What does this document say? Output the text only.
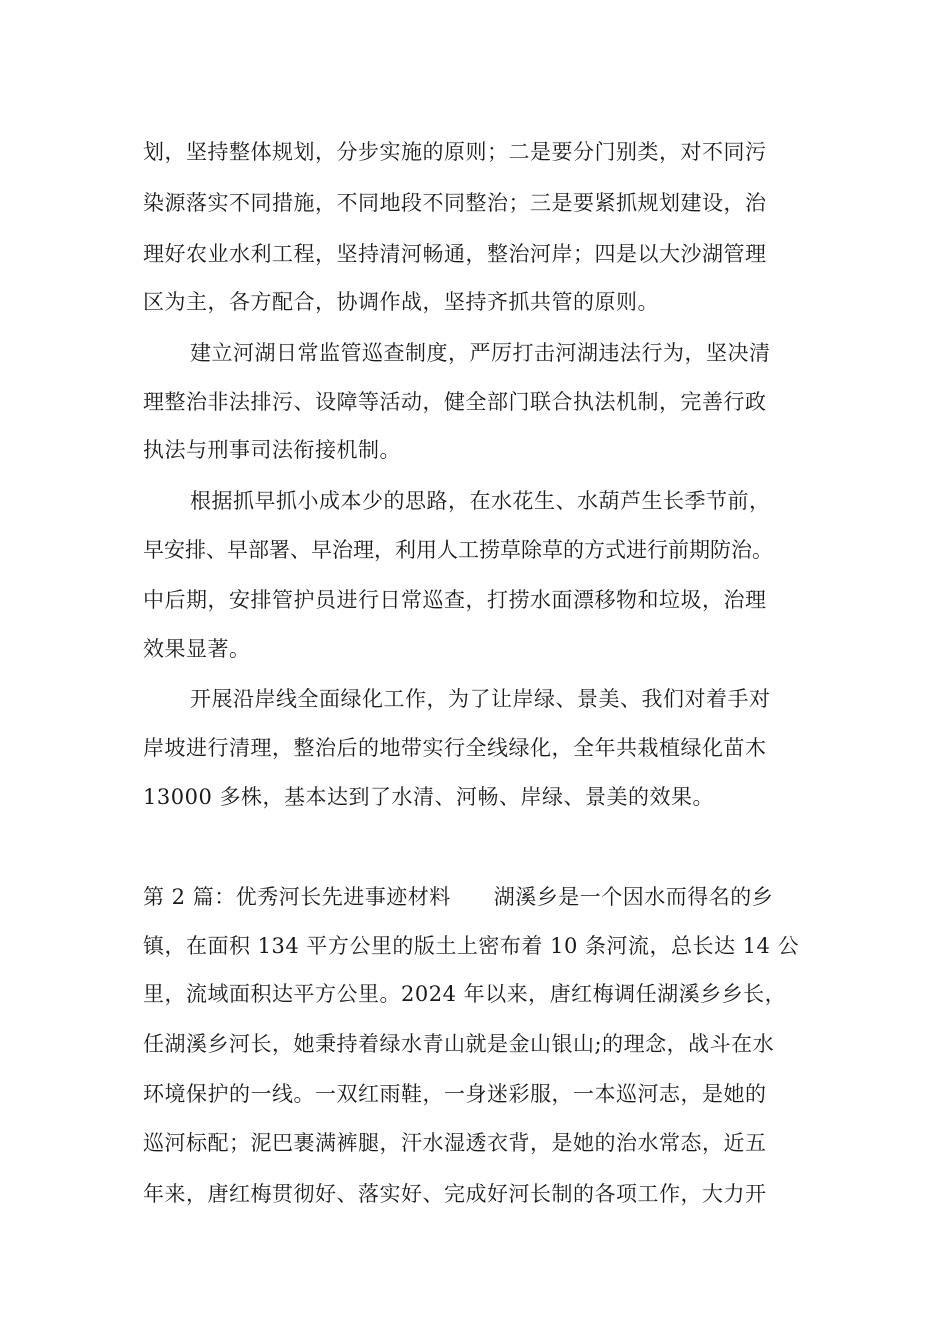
划，坚持整体规划，分步实施的原则；二是要分门别类，对不同污
染源落实不同措施，不同地段不同整治；三是要紧抓规划建设，治
理好农业水利工程，坚持清河畅通，整治河岸；四是以大沙湖管理
区为主，各方配合，协调作战，坚持齐抓共管的原则。
建立河湖日常监管巡查制度，严厉打击河湖违法行为，坚决清
理整治非法排污、设障等活动，健全部门联合执法机制，完善行政
执法与刑事司法衔接机制。
根据抓早抓小成本少的思路，在水花生、水葫芦生长季节前，
早安排、早部署、早治理，利用人工捞草除草的方式进行前期防治。
中后期，安排管护员进行日常巡查，打捞水面漂移物和垃圾，治理
效果显著。
开展沿岸线全面绿化工作，为了让岸绿、景美、我们对着手对
岸坡进行清理，整治后的地带实行全线绿化，全年共栽植绿化苗木
13000 多株，基本达到了水清、河畅、岸绿、景美的效果。
第 2 篇：优秀河长先进事迹材料　　湖溪乡是一个因水而得名的乡
镇，在面积 134 平方公里的版土上密布着 10 条河流，总长达 14 公
里，流域面积达平方公里。2024 年以来，唐红梅调任湖溪乡乡长，
任湖溪乡河长，她秉持着绿水青山就是金山银山;的理念，战斗在水
环境保护的一线。一双红雨鞋，一身迷彩服，一本巡河志，是她的
巡河标配；泥巴裹满裤腿，汗水湿透衣背，是她的治水常态，近五
年来，唐红梅贯彻好、落实好、完成好河长制的各项工作，大力开
